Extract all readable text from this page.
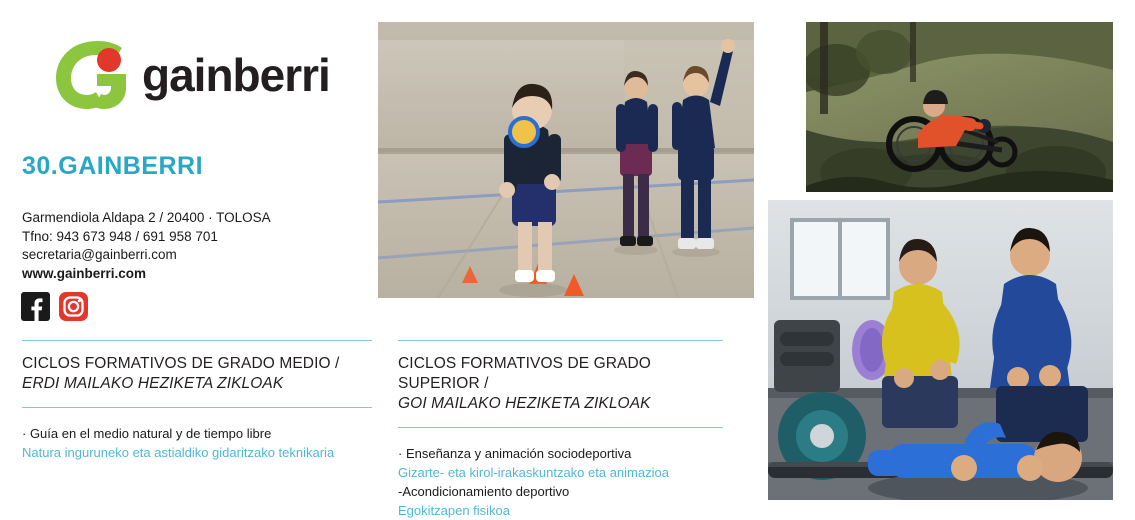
gainberri
30.GAINBERRI
Garmendiola Aldapa 2 / 20400 · TOLOSA
Tfno: 943 673 948 / 691 958 701
secretaria@gainberri.com
www.gainberri.com
CICLOS FORMATIVOS DE GRADO MEDIO /
ERDI MAILAKO HEZIKETA ZIKLOAK
· Guía en el medio natural y de tiempo libre
Natura inguruneko eta astialdiko gidaritzako teknikaria
CICLOS FORMATIVOS DE GRADO SUPERIOR /
GOI MAILAKO HEZIKETA ZIKLOAK
· Enseñanza y animación sociodeportiva
Gizarte- eta kirol-irakaskuntzako eta animazioa
-Acondicionamiento deportivo
Egokitzapen fisikoa
